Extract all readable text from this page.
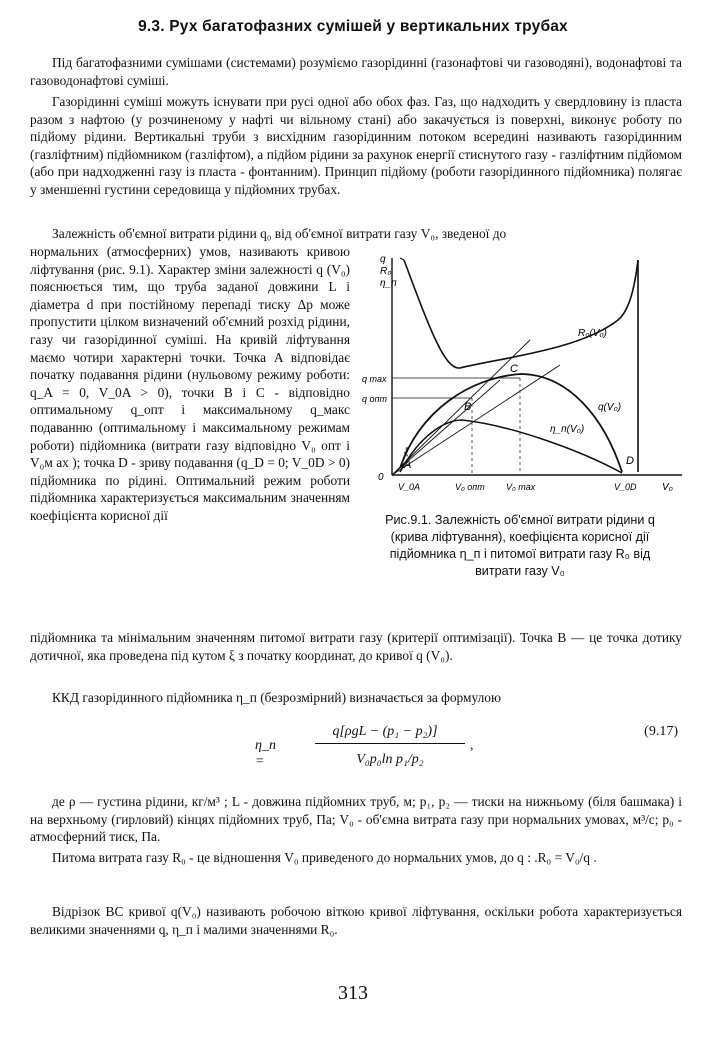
9.3. Рух багатофазних сумішей у вертикальних трубах

Під багатофазними сумішами (системами) розуміємо газорідинні (газонафтові чи газоводяні), водонафтові та газоводонафтові суміші.

Газорідинні суміші можуть існувати при русі одної або обох фаз. Газ, що надходить у свердловину із пласта разом з нафтою (у розчиненому у нафті чи вільному стані) або закачується із поверхні, виконує роботу по підйому рідини. Вертикальні труби з висхідним газорідинним потоком всередині називають газорідинним (газліфтним) підйомником (газліфтом), а підйом рідини за рахунок енергії стиснутого газу - газліфтним підйомом (або при надходженні газу із пласта - фонтанним). Принцип підйому (роботи газорідинного підйомника) полягає у зменшенні густини середовища у підйомних трубах.

Залежність об'ємної витрати рідини q₀ від об'ємної витрати газу V₀, зведеної до

нормальних (атмосферних) умов, називають кривою ліфтування (рис. 9.1). Характер зміни залежності q (V₀) пояснюється тим, що труба заданої довжини L і діаметра d при постійному перепаді тиску Δp може пропустити цілком визначений об'ємний розхід рідини, газу чи газорідинної суміші. На кривій ліфтування маємо чотири характерні точки. Точка A відповідає початку подавання рідини (нульовому режиму роботи: q_A = 0, V_0A > 0), точки B і C - відповідно оптимальному q_опт і максимальному q_макс подаванню (оптимальному і максимальному режимам роботи) підйомника (витрати газу відповідно V₀ опт і V₀м ах ); точка D - зриву подавання (q_D = 0; V_0D > 0) підйомника по рідині. Оптимальний режим роботи підйомника характеризується максимальним значенням коефіцієнта корисної дії

підйомника та мінімальним значенням питомої витрати газу (критерії оптимізації). Точка B — це точка дотику дотичної, яка проведена під кутом ξ з початку координат, до кривої q (V₀).

ККД газорідинного підйомника η_п (безрозмірний) визначається за формулою

η_п =
q[ρgL − (p₁ − p₂)]
V₀p₀ln p₁/p₂
,
(9.17)

де ρ — густина рідини, кг/м³ ; L - довжина підйомних труб, м; p₁, p₂ — тиски на нижньому (біля башмака) і на верхньому (гирловий) кінцях підйомних труб, Па; V₀ - об'ємна витрата газу при нормальних умовах, м³/с; p₀ - атмосферний тиск, Па.

Питома витрата газу R₀ - це відношення V₀ приведеного до нормальних умов, до q : .R₀ = V₀/q .

Відрізок BC кривої q(V₀) називають робочою віткою кривої ліфтування, оскільки робота характеризується великими значеннями q, η_п і малими значеннями R₀.

q
R₀
η_п
q max
q опт
0
V_0A	V₀ опт V₀ max	V_0D	V₀
A
B
C
D
ξ
R₀(V₀)
q(V₀)
η_п(V₀)
Рис.9.1. Залежність об'ємної витрати рідини q (крива ліфтування), коефіцієнта корисної дії підйомника η_п і питомої витрати газу R₀ від витрати газу V₀
313
